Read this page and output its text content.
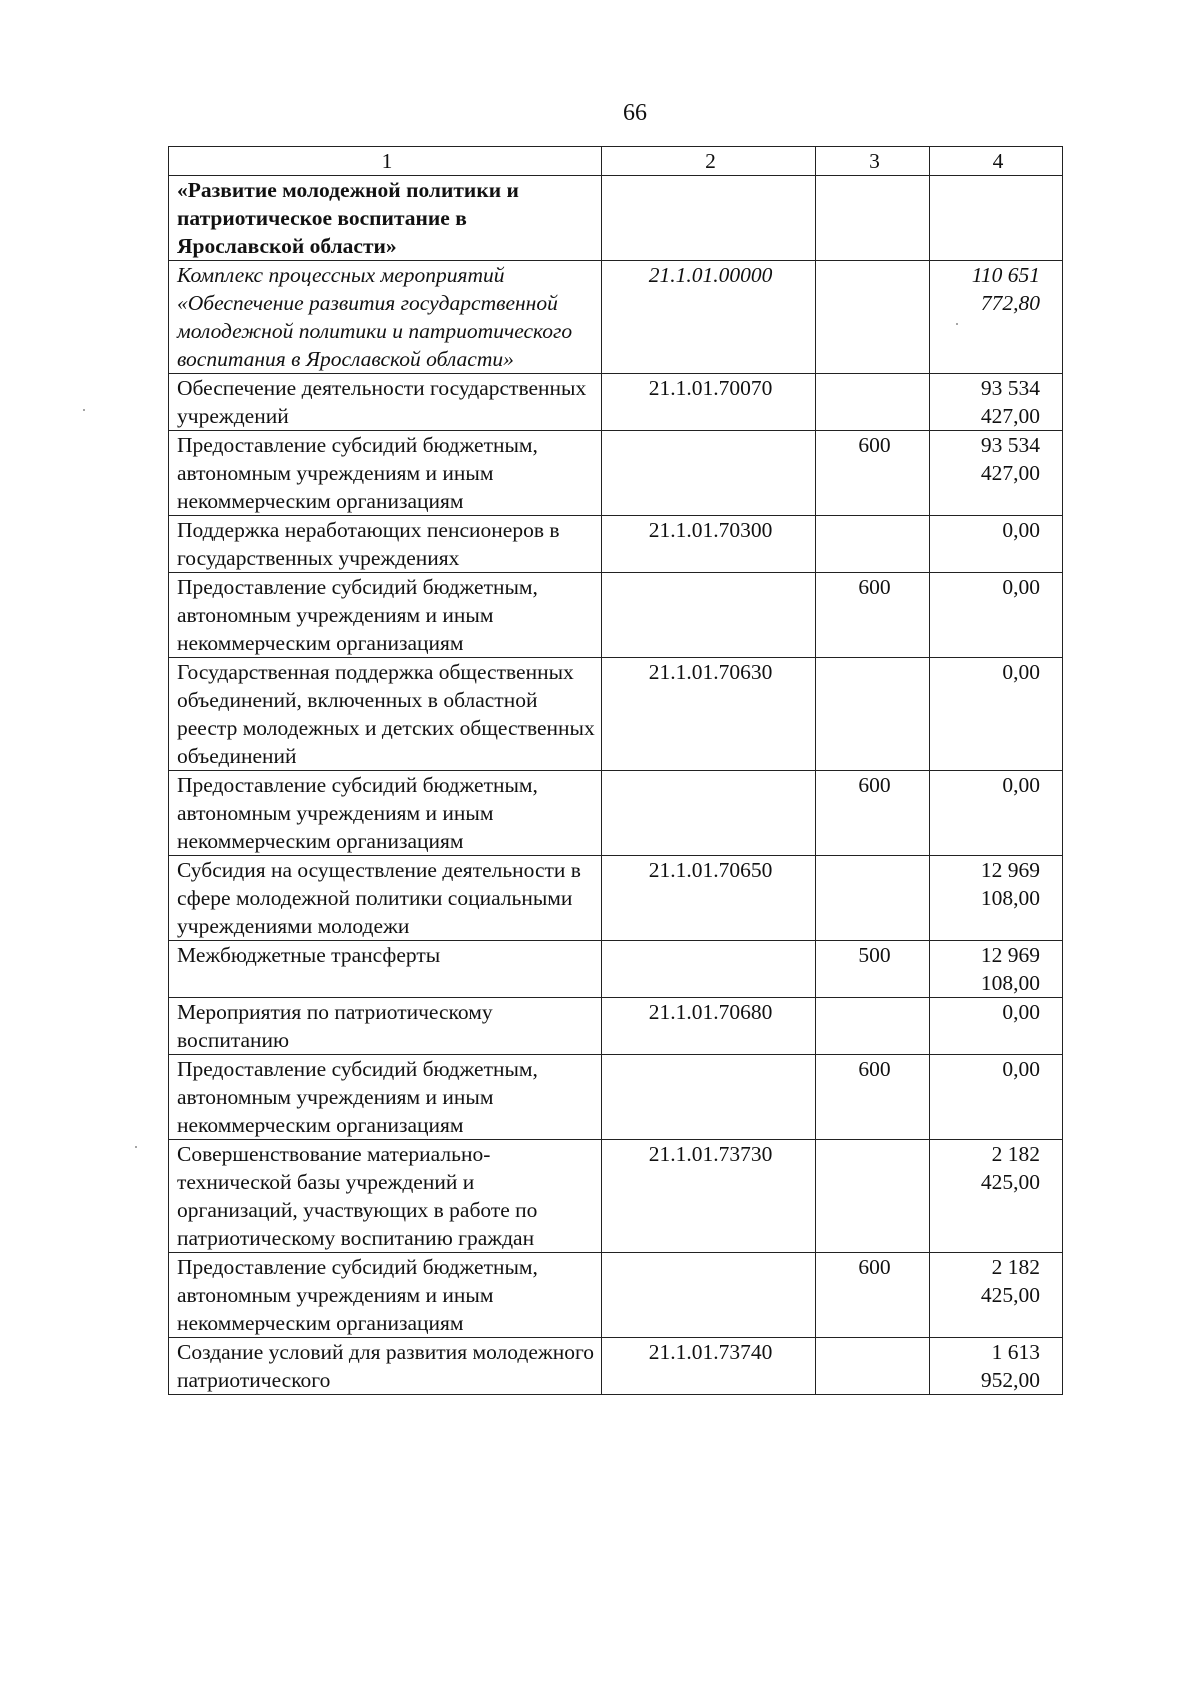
66
1	2	3	4
«Развитие молодежной политики и патриотическое воспитание в Ярославской области»			
Комплекс процессных мероприятий «Обеспечение развития государственной молодежной политики и патриотического воспитания в Ярославской области»	21.1.01.00000		110 651 772,80
Обеспечение деятельности государственных учреждений	21.1.01.70070		93 534 427,00
Предоставление субсидий бюджетным, автономным учреждениям и иным некоммерческим организациям		600	93 534 427,00
Поддержка неработающих пенсионеров в государственных учреждениях	21.1.01.70300		0,00
Предоставление субсидий бюджетным, автономным учреждениям и иным некоммерческим организациям		600	0,00
Государственная поддержка общественных объединений, включенных в областной реестр молодежных и детских общественных объединений	21.1.01.70630		0,00
Предоставление субсидий бюджетным, автономным учреждениям и иным некоммерческим организациям		600	0,00
Субсидия на осуществление деятельности в сфере молодежной политики социальными учреждениями молодежи	21.1.01.70650		12 969 108,00
Межбюджетные трансферты		500	12 969 108,00
Мероприятия по патриотическому воспитанию	21.1.01.70680		0,00
Предоставление субсидий бюджетным, автономным учреждениям и иным некоммерческим организациям		600	0,00
Совершенствование материально-технической базы учреждений и организаций, участвующих в работе по патриотическому воспитанию граждан	21.1.01.73730		2 182 425,00
Предоставление субсидий бюджетным, автономным учреждениям и иным некоммерческим организациям		600	2 182 425,00
Создание условий для развития молодежного патриотического	21.1.01.73740		1 613 952,00
